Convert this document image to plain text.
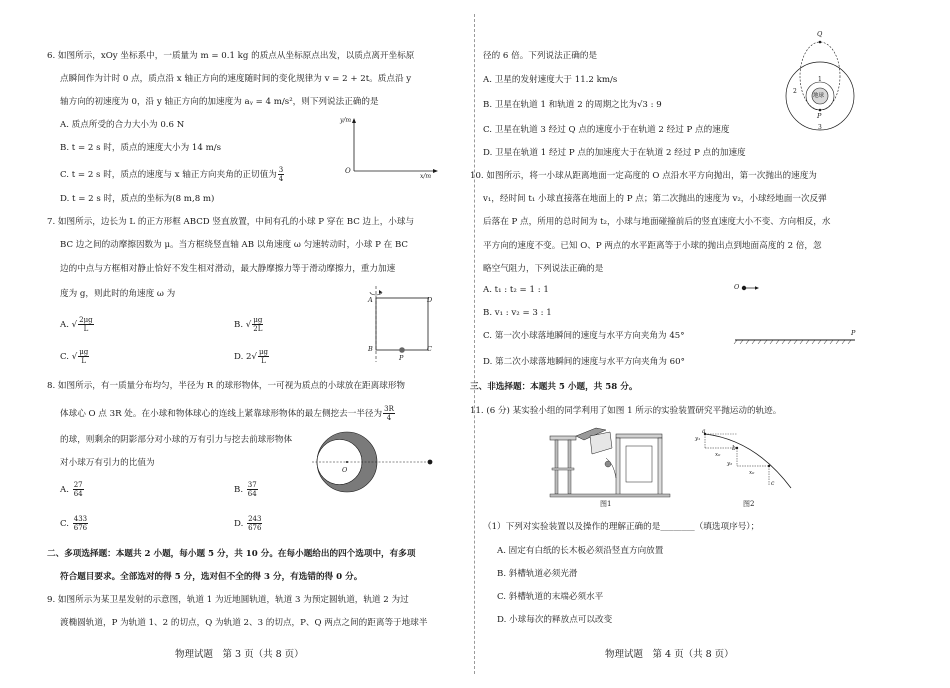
6. 如图所示，xOy 坐标系中，一质量为 m = 0.1 kg 的质点从坐标原点出发，以质点离开坐标原
点瞬间作为计时 0 点，质点沿 x 轴正方向的速度随时间的变化规律为 v = 2 + 2t。质点沿 y
轴方向的初速度为 0，沿 y 轴正方向的加速度为 aᵧ = 4 m/s²，则下列说法正确的是
A. 质点所受的合力大小为 0.6 N
B. t = 2 s 时，质点的速度大小为 14 m/s
C. t = 2 s 时，质点的速度与 x 轴正方向夹角的正切值为 $\frac{3}{4}$
D. t = 2 s 时，质点的坐标为(8 m,8 m)
y/m
x/m
O
7. 如图所示，边长为 L 的正方形框 ABCD 竖直放置，中间有孔的小球 P 穿在 BC 边上，小球与
BC 边之间的动摩擦因数为 μ。当方框绕竖直轴 AB 以角速度 ω 匀速转动时，小球 P 在 BC
边的中点与方框相对静止恰好不发生相对滑动，最大静摩擦力等于滑动摩擦力，重力加速
度为 g，则此时的角速度 ω 为
A. √ $\frac{2\mu g}{L}$	B. √ $\frac{\mu g}{2L}$
C. √ $\frac{\mu g}{L}$	D. $2√ \frac{\mu g}{L}$
A
B	C
D
P
8. 如图所示，有一质量分布均匀，半径为 R 的球形物体，一可视为质点的小球放在距离球形物
体球心 O 点 3R 处。在小球和物体球心的连线上紧靠球形物体的最左侧挖去一半径为 $\frac{3R}{4}$
的球，则剩余的阴影部分对小球的万有引力与挖去前球形物体
对小球万有引力的比值为
A. $\frac{27}{64}$	B. $\frac{37}{64}$
C. $\frac{433}{676}$	D. $\frac{243}{676}$
O
二、多项选择题：本题共 2 小题，每小题 5 分，共 10 分。在每小题给出的四个选项中，有多项
符合题目要求。全部选对的得 5 分，选对但不全的得 3 分，有选错的得 0 分。
9. 如图所示为某卫星发射的示意图，轨道 1 为近地圆轨道，轨道 3 为预定圆轨道，轨道 2 为过
渡椭圆轨道，P 为轨道 1、2 的切点，Q 为轨道 2、3 的切点，P、Q 两点之间的距离等于地球半
物理试题　第 3 页（共 8 页）
径的 6 倍。下列说法正确的是
A. 卫星的发射速度大于 11.2 km/s
B. 卫星在轨道 1 和轨道 2 的周期之比为√3 : 9
C. 卫星在轨道 3 经过 Q 点的速度小于在轨道 2 经过 P 点的速度
D. 卫星在轨道 1 经过 P 点的加速度大于在轨道 2 经过 P 点的加速度
Q
P
地球
1
2
3
10. 如图所示，将一小球从距离地面一定高度的 O 点沿水平方向抛出，第一次抛出的速度为
v₁，经时间 t₁ 小球直接落在地面上的 P 点；第二次抛出的速度为 v₂，小球经地面一次反弹
后落在 P 点，所用的总时间为 t₂，小球与地面碰撞前后的竖直速度大小不变、方向相反，水
平方向的速度不变。已知 O、P 两点的水平距离等于小球的抛出点到地面高度的 2 倍，忽
略空气阻力，下列说法正确的是
A. t₁ : t₂ = 1 : 1
B. v₁ : v₂ = 3 : 1
C. 第一次小球落地瞬间的速度与水平方向夹角为 45°
D. 第二次小球落地瞬间的速度与水平方向夹角为 60°
O
P
三、非选择题：本题共 5 小题，共 58 分。
11. (6 分) 某实验小组的同学利用了如图 1 所示的实验装置研究平抛运动的轨迹。
图1
a
b
c
y₁
y₂
x₀
x₀
图2
（1）下列对实验装置以及操作的理解正确的是________（填选项序号）；
A. 固定有白纸的长木板必须沿竖直方向放置
B. 斜槽轨道必须光滑
C. 斜槽轨道的末端必须水平
D. 小球每次的释放点可以改变
物理试题　第 4 页（共 8 页）
